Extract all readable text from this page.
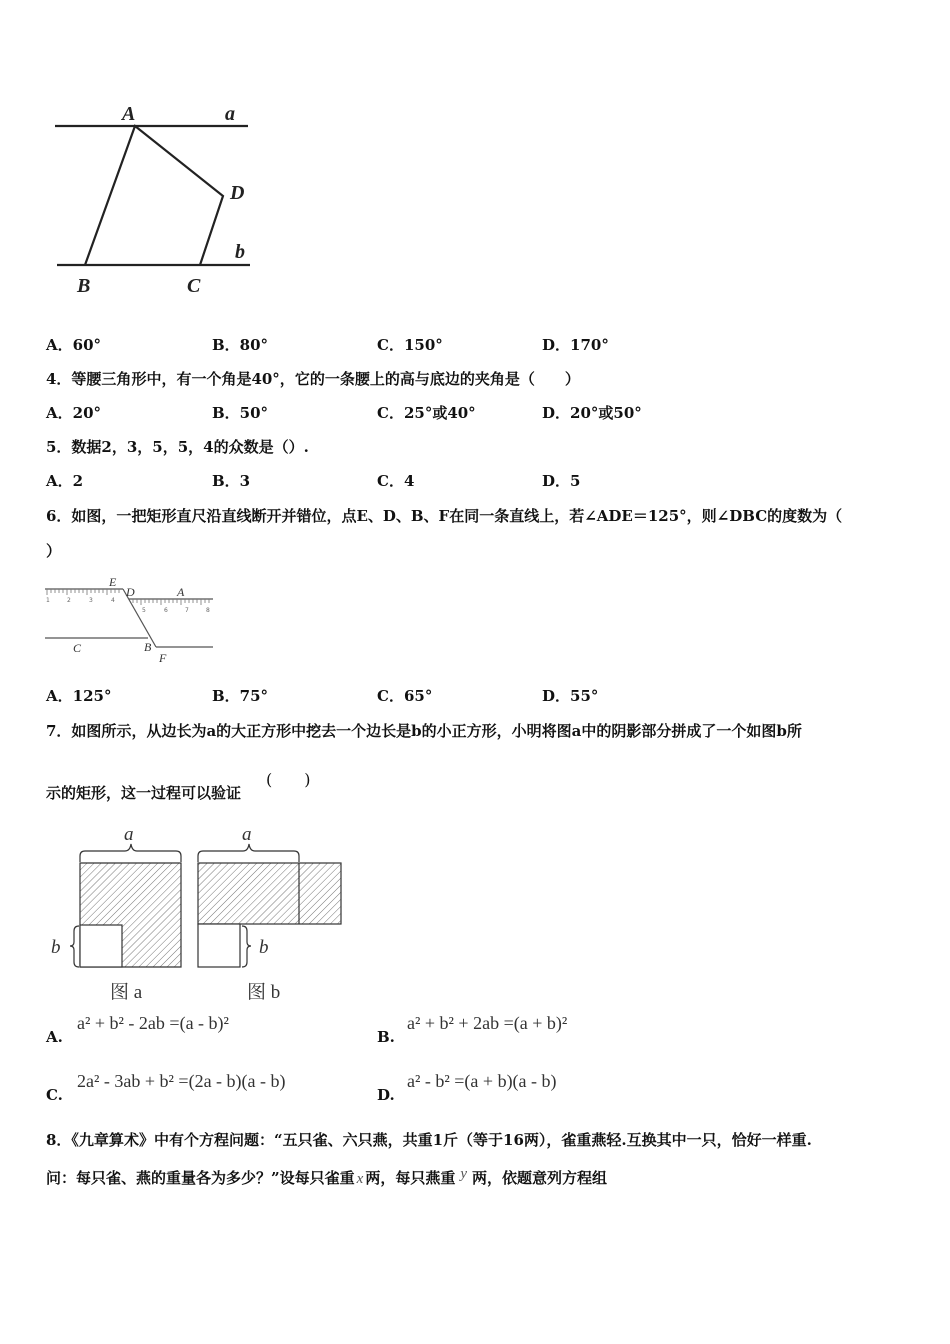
A	a
D
b
B	C
A．60°	B．80°	C．150°	D．170°
4．等腰三角形中，有一个角是40°，它的一条腰上的高与底边的夹角是（　　）
A．20°	B．50°	C．25°或40°	D．20°或50°
5．数据2，3，5，5，4的众数是（）.
A．2	B．3	C．4	D．5
6．如图，一把矩形直尺沿直线断开并错位，点E、D、B、F在同一条直线上，若∠ADE＝125°，则∠DBC的度数为（
）
1	2	3	4
5	6	7	8
E
D	A
C	B
F
A．125°	B．75°	C．65°	D．55°
7．如图所示，从边长为a的大正方形中挖去一个边长是b的小正方形，小明将图a中的阴影部分拼成了一个如图b所
示的矩形，这一过程可以验证
(　　)
a	a
b	b
图 a	图 b
A.
a² + b² - 2ab =(a - b)²
B.
a² + b² + 2ab =(a + b)²
C.
2a² - 3ab + b² =(2a - b)(a - b)
D.
a² - b² =(a + b)(a - b)
8．《九章算术》中有个方程问题：“五只雀、六只燕，共重1斤（等于16两），雀重燕轻.互换其中一只，恰好一样重.
问：每只雀、燕的重量各为多少？”设每只雀重 x 两，每只燕重 y 两，依题意列方程组
